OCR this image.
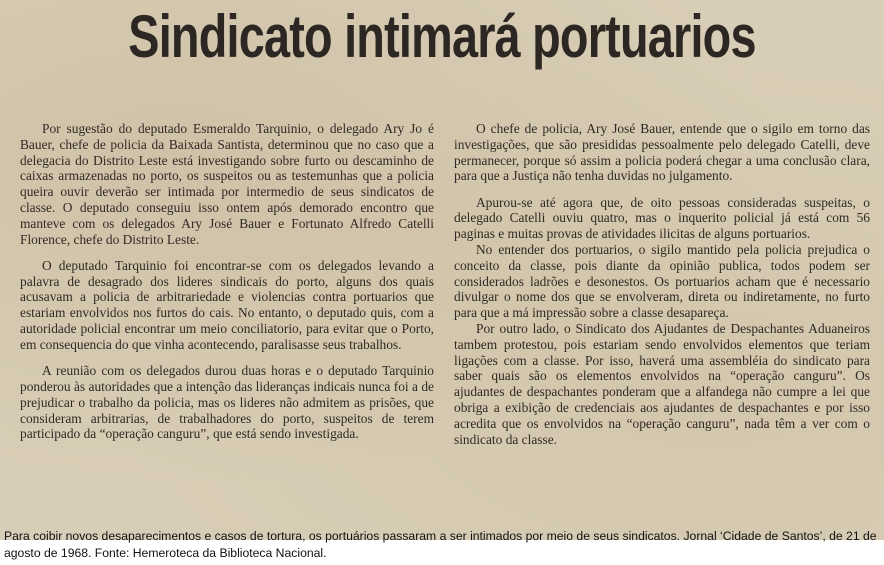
Sindicato intimará portuarios

Por sugestão do deputado Esmeraldo Tarquinio, o delegado Ary Jo é Bauer, chefe de policia da Baixada Santista, determinou que no caso que a delegacia do Distrito Leste está investigando sobre furto ou descaminho de caixas armazenadas no porto, os suspeitos ou as testemunhas que a policia queira ouvir deverão ser intimada por intermedio de seus sindicatos de classe. O deputado conseguiu isso ontem após demorado encontro que manteve com os delegados Ary José Bauer e Fortunato Alfredo Catelli Florence, chefe do Distrito Leste.

O deputado Tarquinio foi encontrar-se com os delegados levando a palavra de desagrado dos lideres sindicais do porto, alguns dos quais acusavam a policia de arbitrariedade e violencias contra portuarios que estariam envolvidos nos furtos do cais. No entanto, o deputado quis, com a autoridade policial encontrar um meio conciliatorio, para evitar que o Porto, em consequencia do que vinha acontecendo, paralisasse seus trabalhos.

A reunião com os delegados durou duas horas e o deputado Tarquinio ponderou às autoridades que a intenção das lideranças indicais nunca foi a de prejudicar o trabalho da policia, mas os lideres não admitem as prisões, que consideram arbitrarias, de trabalhadores do porto, suspeitos de terem participado da “operação canguru”, que está sendo investigada.

O chefe de policia, Ary José Bauer, entende que o sigilo em torno das investigações, que são presididas pessoalmente pelo delegado Catelli, deve permanecer, porque só assim a policia poderá chegar a uma conclusão clara, para que a Justiça não tenha duvidas no julgamento.

Apurou-se até agora que, de oito pessoas consideradas suspeitas, o delegado Catelli ouviu quatro, mas o inquerito policial já está com 56 paginas e muitas provas de atividades ilicitas de alguns portuarios.

No entender dos portuarios, o sigilo mantido pela policia prejudica o conceito da classe, pois diante da opinião publica, todos podem ser considerados ladrões e desonestos. Os portuarios acham que é necessario divulgar o nome dos que se envolveram, direta ou indiretamente, no furto para que a má impressão sobre a classe desapareça.

Por outro lado, o Sindicato dos Ajudantes de Despachantes Aduaneiros tambem protestou, pois estariam sendo envolvidos elementos que teriam ligações com a classe. Por isso, haverá uma assembléia do sindicato para saber quais são os elementos envolvidos na “operação canguru”. Os ajudantes de despachantes ponderam que a alfandega não cumpre a lei que obriga a exibição de credenciais aos ajudantes de despachantes e por isso acredita que os envolvidos na “operação canguru”, nada têm a ver com o sindicato da classe.

Para coibir novos desaparecimentos e casos de tortura, os portuários passaram a ser intimados por meio de seus sindicatos. Jornal ‘Cidade de Santos’, de 21 de agosto de 1968. Fonte: Hemeroteca da Biblioteca Nacional.
